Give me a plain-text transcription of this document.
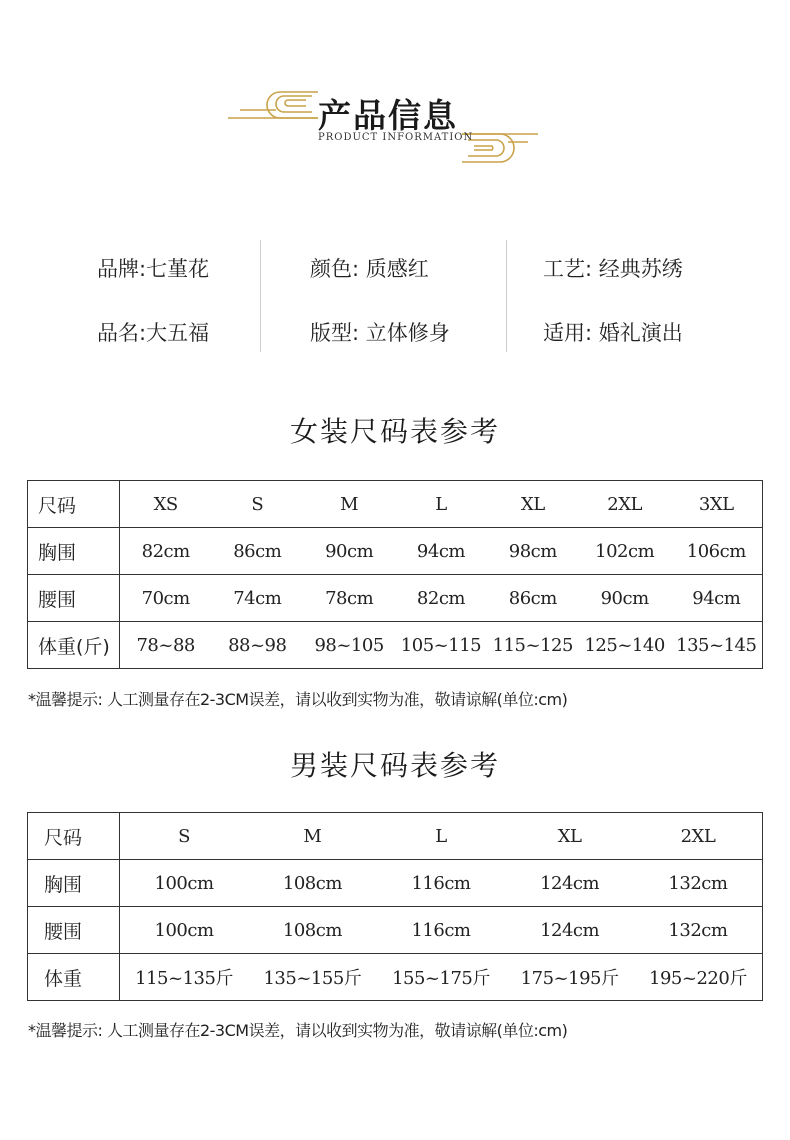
产品信息
PRODUCT INFORMATION
品牌:七堇花	颜色: 质感红	工艺: 经典苏绣
品名:大五福	版型: 立体修身	适用: 婚礼演出
女装尺码表参考
尺码	XS	S	M	L	XL	2XL	3XL
胸围	82cm	86cm	90cm	94cm	98cm	102cm	106cm
腰围	70cm	74cm	78cm	82cm	86cm	90cm	94cm
体重(斤)	78~88	88~98	98~105	105~115	115~125	125~140	135~145
*温馨提示: 人工测量存在2-3CM误差，请以收到实物为准，敬请谅解(单位:cm)
男装尺码表参考
尺码	S	M	L	XL	2XL
胸围	100cm	108cm	116cm	124cm	132cm
腰围	100cm	108cm	116cm	124cm	132cm
体重	115~135斤	135~155斤	155~175斤	175~195斤	195~220斤
*温馨提示: 人工测量存在2-3CM误差，请以收到实物为准，敬请谅解(单位:cm)
